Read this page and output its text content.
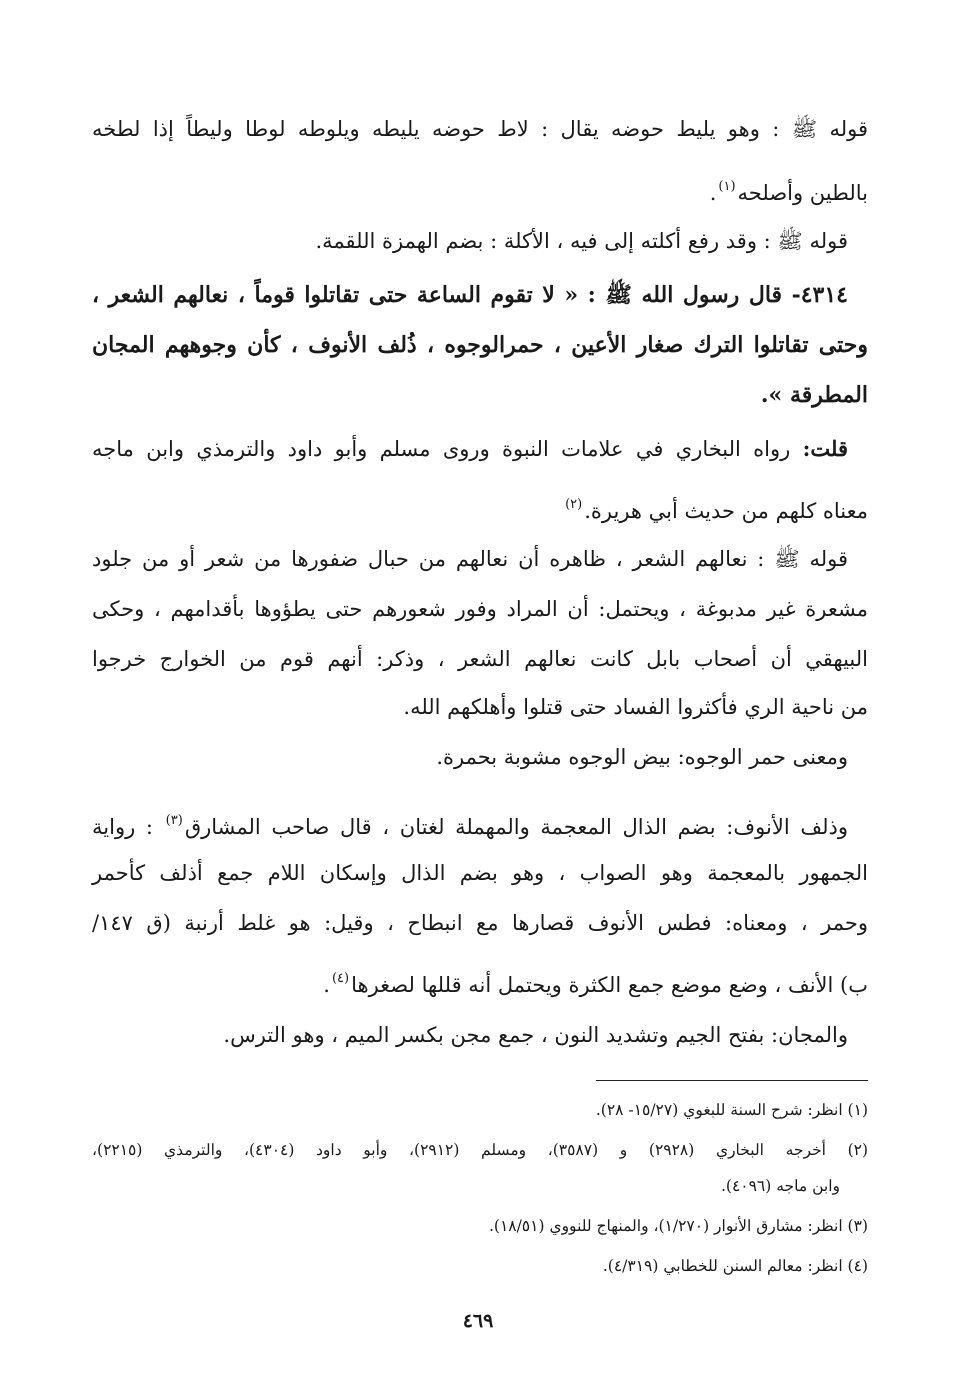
قوله ﷺ : وهو يليط حوضه يقال : لاط حوضه يليطه ويلوطه لوطا وليطاً إذا لطخه
بالطين وأصلحه$^{(١)}$.
قوله ﷺ : وقد رفع أكلته إلى فيه ، الأكلة : بضم الهمزة اللقمة.
٤٣١٤- قال رسول الله ﷺ : « لا تقوم الساعة حتى تقاتلوا قوماً ، نعالهم الشعر ،
وحتى تقاتلوا الترك صغار الأعين ، حمرالوجوه ، ذُلف الأنوف ، كأن وجوههم المجان
المطرقة ».
قلت: رواه البخاري في علامات النبوة وروى مسلم وأبو داود والترمذي وابن ماجه
معناه كلهم من حديث أبي هريرة.$^{(٢)}$
قوله ﷺ : نعالهم الشعر ، ظاهره أن نعالهم من حبال ضفورها من شعر أو من جلود
مشعرة غير مدبوغة ، ويحتمل: أن المراد وفور شعورهم حتى يطؤوها بأقدامهم ، وحكى
البيهقي أن أصحاب بابل كانت نعالهم الشعر ، وذكر: أنهم قوم من الخوارج خرجوا
من ناحية الري فأكثروا الفساد حتى قتلوا وأهلكهم الله.
ومعنى حمر الوجوه: بيض الوجوه مشوبة بحمرة.
وذلف الأنوف: بضم الذال المعجمة والمهملة لغتان ، قال صاحب المشارق$^{(٣)}$ : رواية
الجمهور بالمعجمة وهو الصواب ، وهو بضم الذال وإسكان اللام جمع أذلف كأحمر
وحمر ، ومعناه: فطس الأنوف قصارها مع انبطاح ، وقيل: هو غلط أرنبة (ق ١٤٧/
ب) الأنف ، وضع موضع جمع الكثرة ويحتمل أنه قللها لصغرها$^{(٤)}$.
والمجان: بفتح الجيم وتشديد النون ، جمع مجن بكسر الميم ، وهو الترس.
(١) انظر: شرح السنة للبغوي (١٥/٢٧- ٢٨).
(٢) أخرجه البخاري (٢٩٢٨) و (٣٥٨٧)، ومسلم (٢٩١٢)، وأبو داود (٤٣٠٤)، والترمذي (٢٢١٥)،
وابن ماجه (٤٠٩٦).
(٣) انظر: مشارق الأنوار (١/٢٧٠)، والمنهاج للنووي (١٨/٥١).
(٤) انظر: معالم السنن للخطابي (٤/٣١٩).
٤٦٩
